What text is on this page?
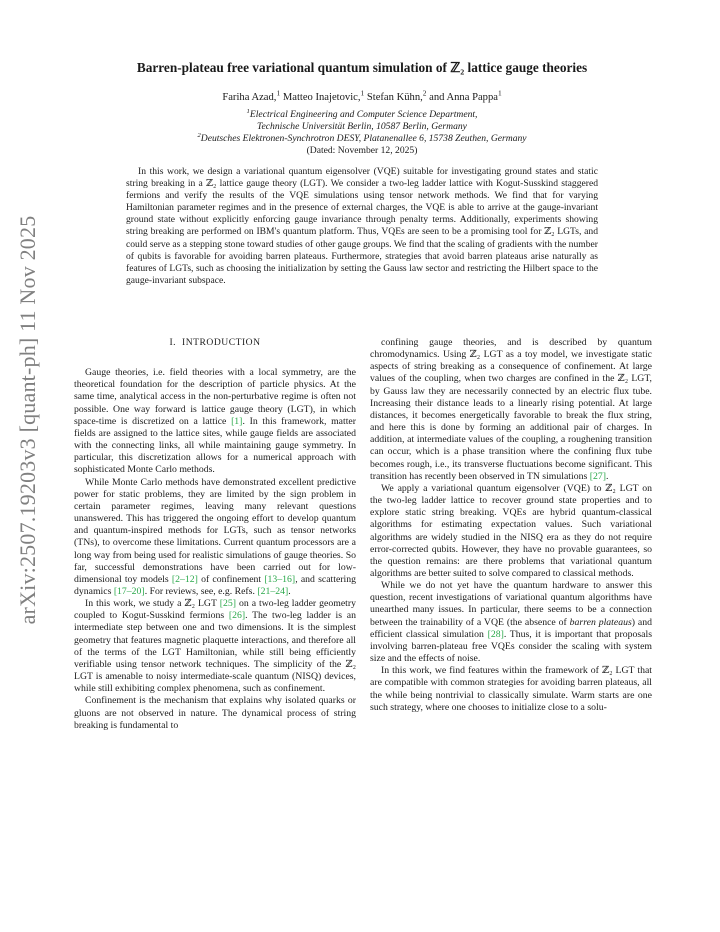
arXiv:2507.19203v3 [quant-ph] 11 Nov 2025
Barren-plateau free variational quantum simulation of ℤ₂ lattice gauge theories
Fariha Azad,$^1$ Matteo Inajetovic,$^1$ Stefan Kühn,$^2$ and Anna Pappa$^1$
$^1$Electrical Engineering and Computer Science Department,
Technische Universität Berlin, 10587 Berlin, Germany
$^2$Deutsches Elektronen-Synchrotron DESY, Platanenallee 6, 15738 Zeuthen, Germany
(Dated: November 12, 2025)

In this work, we design a variational quantum eigensolver (VQE) suitable for investigating ground states and static string breaking in a ℤ₂ lattice gauge theory (LGT). We consider a two-leg ladder lattice with Kogut-Susskind staggered fermions and verify the results of the VQE simulations using tensor network methods. We find that for varying Hamiltonian parameter regimes and in the presence of external charges, the VQE is able to arrive at the gauge-invariant ground state without explicitly enforcing gauge invariance through penalty terms. Additionally, experiments showing string breaking are performed on IBM's quantum platform. Thus, VQEs are seen to be a promising tool for ℤ₂ LGTs, and could serve as a stepping stone toward studies of other gauge groups. We find that the scaling of gradients with the number of qubits is favorable for avoiding barren plateaus. Furthermore, strategies that avoid barren plateaus arise naturally as features of LGTs, such as choosing the initialization by setting the Gauss law sector and restricting the Hilbert space to the gauge-invariant subspace.

I. INTRODUCTION

Gauge theories, i.e. field theories with a local symmetry, are the theoretical foundation for the description of particle physics. At the same time, analytical access in the non-perturbative regime is often not possible. One way forward is lattice gauge theory (LGT), in which space-time is discretized on a lattice [1]. In this framework, matter fields are assigned to the lattice sites, while gauge fields are associated with the connecting links, all while maintaining gauge symmetry. In particular, this discretization allows for a numerical approach with sophisticated Monte Carlo methods.

While Monte Carlo methods have demonstrated excellent predictive power for static problems, they are limited by the sign problem in certain parameter regimes, leaving many relevant questions unanswered. This has triggered the ongoing effort to develop quantum and quantum-inspired methods for LGTs, such as tensor networks (TNs), to overcome these limitations. Current quantum processors are a long way from being used for realistic simulations of gauge theories. So far, successful demonstrations have been carried out for low-dimensional toy models [2–12] of confinement [13–16], and scattering dynamics [17–20]. For reviews, see, e.g. Refs. [21–24].

In this work, we study a ℤ₂ LGT [25] on a two-leg ladder geometry coupled to Kogut-Susskind fermions [26]. The two-leg ladder is an intermediate step between one and two dimensions. It is the simplest geometry that features magnetic plaquette interactions, and therefore all of the terms of the LGT Hamiltonian, while still being efficiently verifiable using tensor network techniques. The simplicity of the ℤ₂ LGT is amenable to noisy intermediate-scale quantum (NISQ) devices, while still exhibiting complex phenomena, such as confinement.

Confinement is the mechanism that explains why isolated quarks or gluons are not observed in nature. The dynamical process of string breaking is fundamental to

confining gauge theories, and is described by quantum chromodynamics. Using ℤ₂ LGT as a toy model, we investigate static aspects of string breaking as a consequence of confinement. At large values of the coupling, when two charges are confined in the ℤ₂ LGT, by Gauss law they are necessarily connected by an electric flux tube. Increasing their distance leads to a linearly rising potential. At large distances, it becomes energetically favorable to break the flux string, and here this is done by forming an additional pair of charges. In addition, at intermediate values of the coupling, a roughening transition can occur, which is a phase transition where the confining flux tube becomes rough, i.e., its transverse fluctuations become significant. This transition has recently been observed in TN simulations [27].

We apply a variational quantum eigensolver (VQE) to ℤ₂ LGT on the two-leg ladder lattice to recover ground state properties and to explore static string breaking. VQEs are hybrid quantum-classical algorithms for estimating expectation values. Such variational algorithms are widely studied in the NISQ era as they do not require error-corrected qubits. However, they have no provable guarantees, so the question remains: are there problems that variational quantum algorithms are better suited to solve compared to classical methods.

While we do not yet have the quantum hardware to answer this question, recent investigations of variational quantum algorithms have unearthed many issues. In particular, there seems to be a connection between the trainability of a VQE (the absence of barren plateaus) and efficient classical simulation [28]. Thus, it is important that proposals involving barren-plateau free VQEs consider the scaling with system size and the effects of noise.

In this work, we find features within the framework of ℤ₂ LGT that are compatible with common strategies for avoiding barren plateaus, all the while being nontrivial to classically simulate. Warm starts are one such strategy, where one chooses to initialize close to a solu-
